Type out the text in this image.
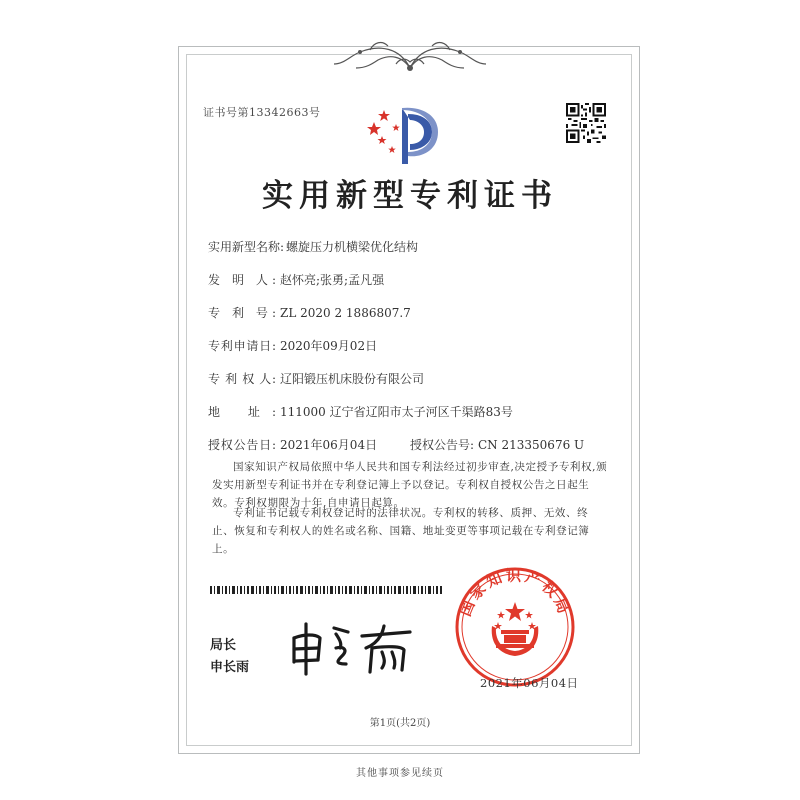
证书号第13342663号
实用新型专利证书
实用新型名称: 螺旋压力机横梁优化结构
发 明 人: 赵怀亮;张勇;孟凡强
专 利 号: ZL 2020 2 1886807.7
专利申请日: 2020年09月02日
专 利 权 人: 辽阳锻压机床股份有限公司
地 址: 111000 辽宁省辽阳市太子河区千渠路83号
授权公告日: 2021年06月04日	授权公告号: CN 213350676 U
国家知识产权局依照中华人民共和国专利法经过初步审查,决定授予专利权,颁发实用新型专利证书并在专利登记簿上予以登记。专利权自授权公告之日起生效。专利权期限为十年,自申请日起算。
专利证书记载专利权登记时的法律状况。专利权的转移、质押、无效、终止、恢复和专利权人的姓名或名称、国籍、地址变更等事项记载在专利登记簿上。
局长
申长雨
国家知识产权局
2021年06月04日
第1页(共2页)
其他事项参见续页
